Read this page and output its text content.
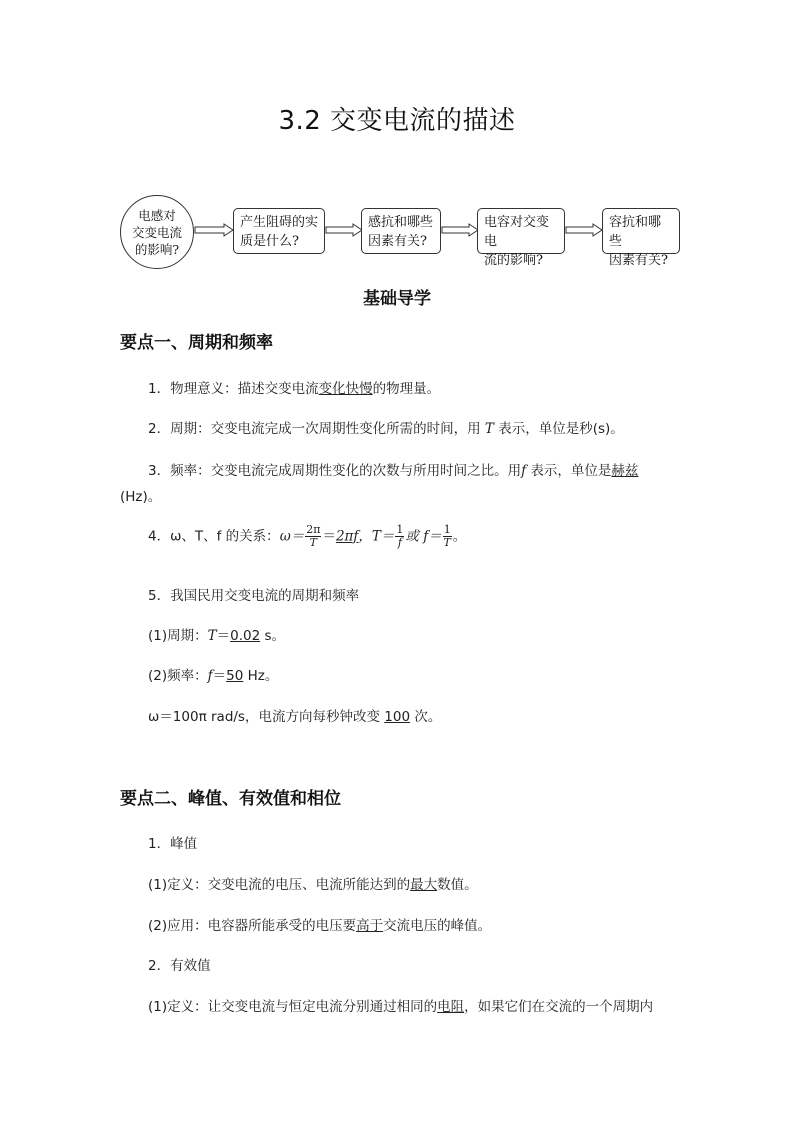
3.2 交变电流的描述
电感对
交变电流
的影响?
产生阻碍的实
质是什么?
感抗和哪些
因素有关?
电容对交变电
流的影响?
容抗和哪些
因素有关?
基础导学
要点一、周期和频率
1．物理意义：描述交变电流变化快慢的物理量。
2．周期：交变电流完成一次周期性变化所需的时间，用 T 表示，单位是秒(s)。
3．频率：交变电流完成周期性变化的次数与所用时间之比。用f 表示，单位是赫兹
(Hz)。
4．ω、T、f 的关系：$\omega= \frac{2\pi}{T} =2\pi f$，$T= \frac{1}{f}$ 或 $f= \frac{1}{T}$ 。
5．我国民用交变电流的周期和频率
(1)周期：T＝0.02 s。
(2)频率：f＝50 Hz。
ω＝100π rad/s，电流方向每秒钟改变 100 次。
要点二、峰值、有效值和相位
1．峰值
(1)定义：交变电流的电压、电流所能达到的最大数值。
(2)应用：电容器所能承受的电压要高于交流电压的峰值。
2．有效值
(1)定义：让交变电流与恒定电流分别通过相同的电阻，如果它们在交流的一个周期内
